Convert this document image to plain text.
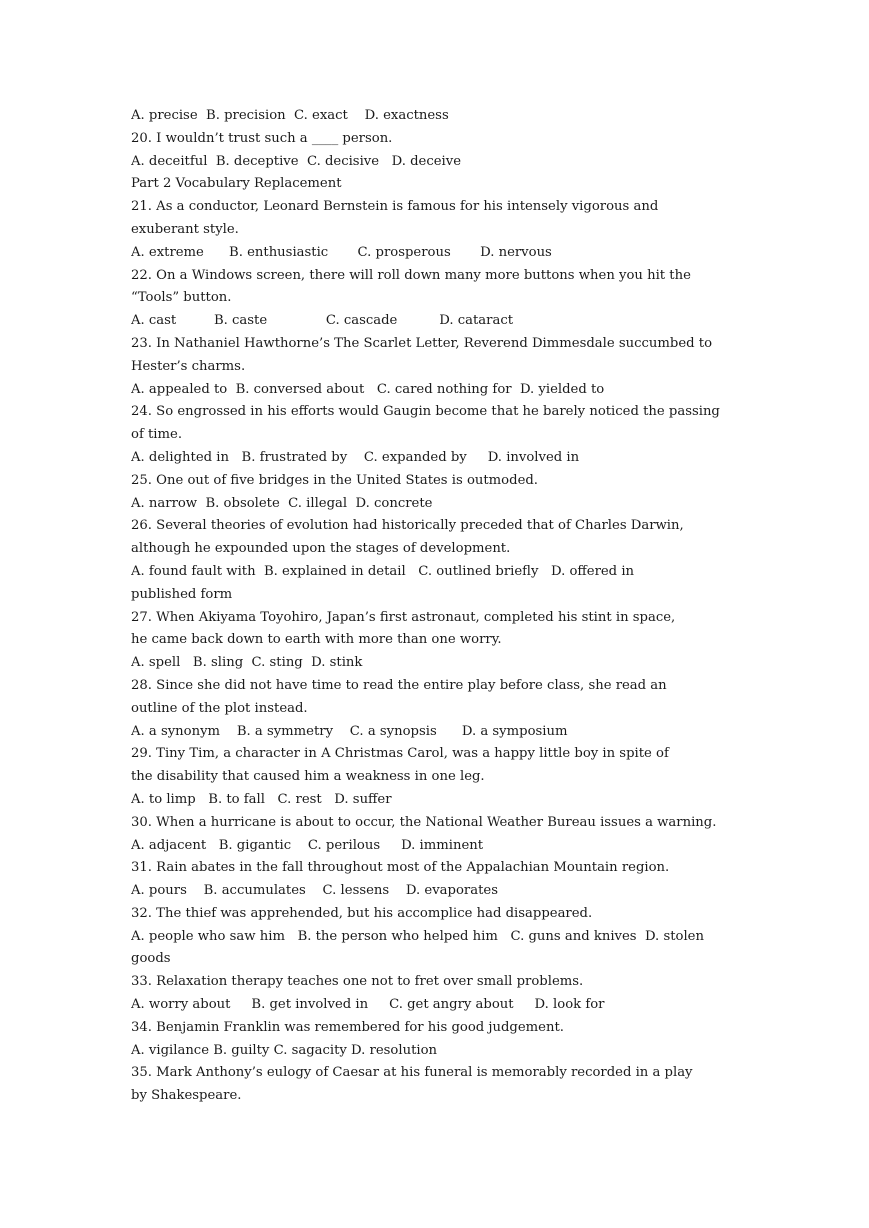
A. precise  B. precision  C. exact    D. exactness
20. I wouldn’t trust such a ____ person.
A. deceitful  B. deceptive  C. decisive   D. deceive
Part 2 Vocabulary Replacement
21. As a conductor, Leonard Bernstein is famous for his intensely vigorous and
exuberant style.
A. extreme      B. enthusiastic       C. prosperous       D. nervous
22. On a Windows screen, there will roll down many more buttons when you hit the
“Tools” button.
A. cast         B. caste              C. cascade          D. cataract
23. In Nathaniel Hawthorne’s The Scarlet Letter, Reverend Dimmesdale succumbed to
Hester’s charms.
A. appealed to  B. conversed about   C. cared nothing for  D. yielded to
24. So engrossed in his efforts would Gaugin become that he barely noticed the passing
of time.
A. delighted in   B. frustrated by    C. expanded by     D. involved in
25. One out of five bridges in the United States is outmoded.
A. narrow  B. obsolete  C. illegal  D. concrete
26. Several theories of evolution had historically preceded that of Charles Darwin,
although he expounded upon the stages of development.
A. found fault with  B. explained in detail   C. outlined briefly   D. offered in
published form
27. When Akiyama Toyohiro, Japan’s first astronaut, completed his stint in space,
he came back down to earth with more than one worry.
A. spell   B. sling  C. sting  D. stink
28. Since she did not have time to read the entire play before class, she read an
outline of the plot instead.
A. a synonym    B. a symmetry    C. a synopsis      D. a symposium
29. Tiny Tim, a character in A Christmas Carol, was a happy little boy in spite of
the disability that caused him a weakness in one leg.
A. to limp   B. to fall   C. rest   D. suffer
30. When a hurricane is about to occur, the National Weather Bureau issues a warning.
A. adjacent   B. gigantic    C. perilous     D. imminent
31. Rain abates in the fall throughout most of the Appalachian Mountain region.
A. pours    B. accumulates    C. lessens    D. evaporates
32. The thief was apprehended, but his accomplice had disappeared.
A. people who saw him   B. the person who helped him   C. guns and knives  D. stolen
goods
33. Relaxation therapy teaches one not to fret over small problems.
A. worry about     B. get involved in     C. get angry about     D. look for
34. Benjamin Franklin was remembered for his good judgement.
A. vigilance B. guilty C. sagacity D. resolution
35. Mark Anthony’s eulogy of Caesar at his funeral is memorably recorded in a play
by Shakespeare.
